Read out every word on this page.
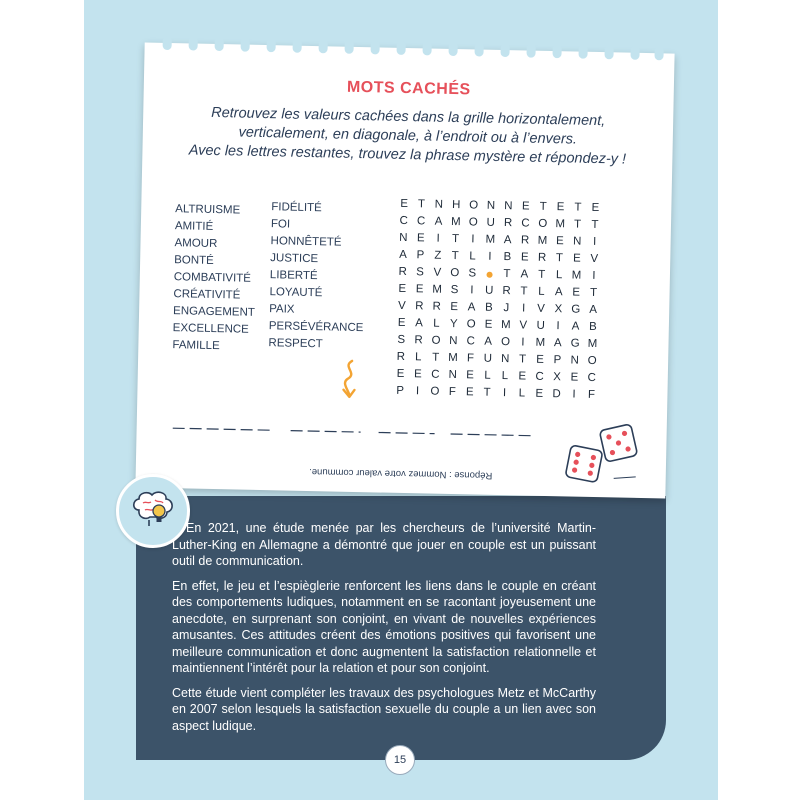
MOTS CACHÉS

Retrouvez les valeurs cachées dans la grille horizontalement,

verticalement, en diagonale, à l’endroit ou à l’envers.

Avec les lettres restantes, trouvez la phrase mystère et répondez-y !

ALTRUISME
AMITIÉ
AMOUR
BONTÉ
COMBATIVITÉ
CRÉATIVITÉ
ENGAGEMENT
EXCELLENCE
FAMILLE
FIDÉLITÉ
FOI
HONNÊTETÉ
JUSTICE
LIBERTÉ
LOYAUTÉ
PAIX
PERSÉVÉRANCE
RESPECT
E T N H O N N E T E T E
C C A M O U R C O M T T
N E	I	T	I M A R M E N I
A P Z T L	I	B E R T E V
R S V O S ● T A T L M I
E E M S	I U R T L A E T
V R R E A B J	I	V X G A
E A L Y O E M V U I	A B
S R O N C A O I M A G M
R L T M F U N T E P N O
E E C N E L L E C X E C
P	I O F E T	I	L E D I	F
Réponse : Nommez votre valeur commune.

En 2021, une étude menée par les chercheurs de l’université Martin-Luther-King en Allemagne a démontré que jouer en couple est un puissant outil de communication.

En effet, le jeu et l’espièglerie renforcent les liens dans le couple en créant des comportements ludiques, notamment en se racontant joyeusement une anecdote, en surprenant son conjoint, en vivant de nouvelles expériences amusantes. Ces attitudes créent des émotions positives qui favorisent une meilleure communication et donc augmentent la satisfaction relationnelle et maintiennent l’intérêt pour la relation et pour son conjoint.

Cette étude vient compléter les travaux des psychologues Metz et McCarthy en 2007 selon lesquels la satisfaction sexuelle du couple a un lien avec son aspect ludique.

15
